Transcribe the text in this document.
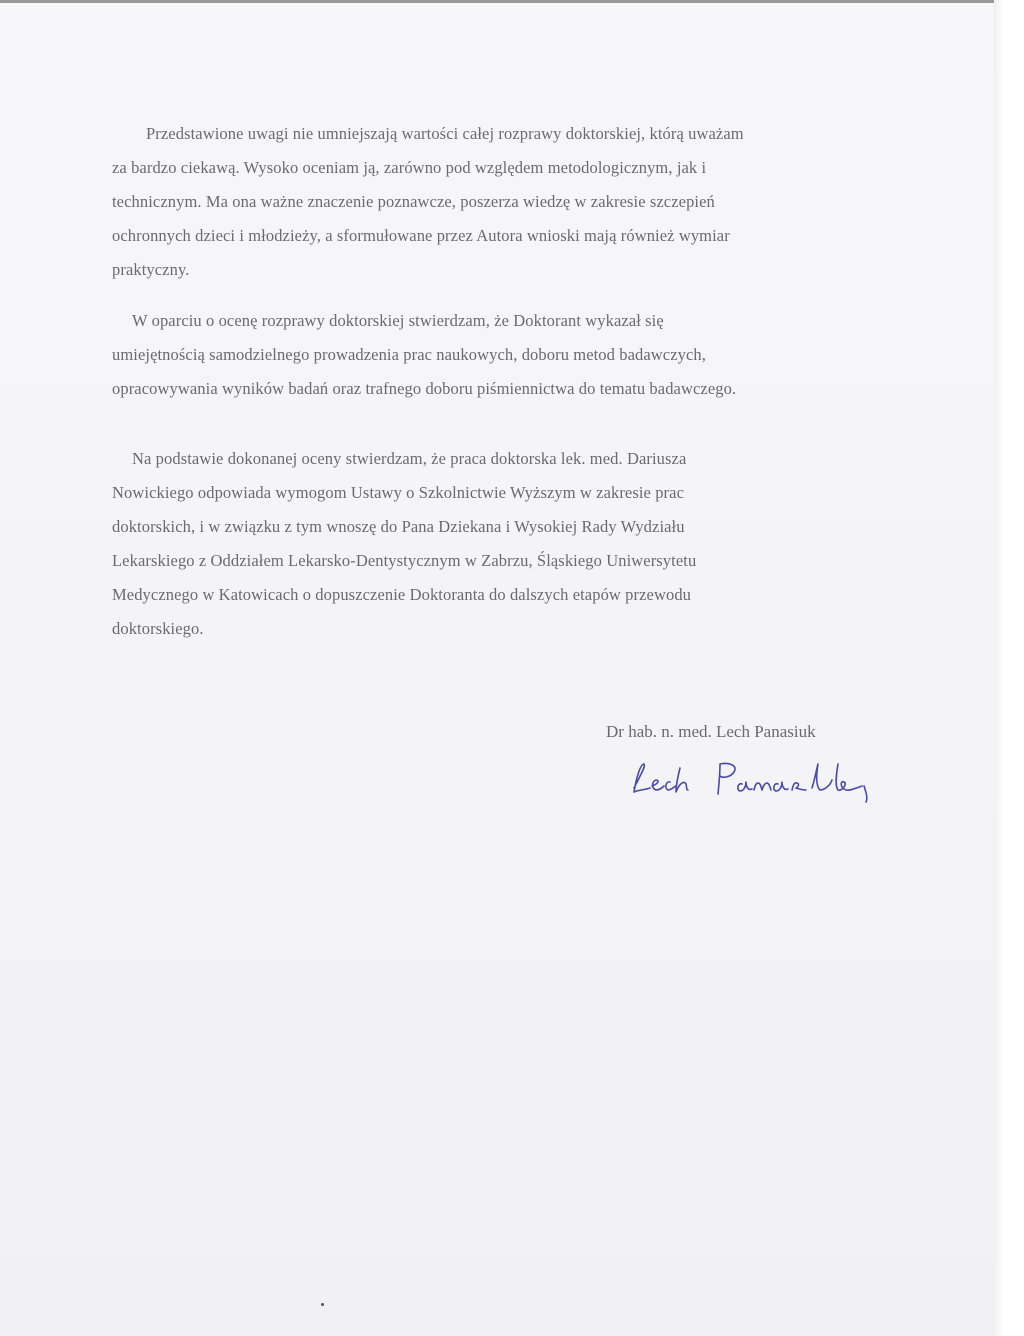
Przedstawione uwagi nie umniejszają wartości całej rozprawy doktorskiej, którą uważam
za bardzo ciekawą. Wysoko oceniam ją, zarówno pod względem metodologicznym, jak i
technicznym. Ma ona ważne znaczenie poznawcze, poszerza wiedzę w zakresie szczepień
ochronnych dzieci i młodzieży, a sformułowane przez Autora wnioski mają również wymiar
praktyczny.
W oparciu o ocenę rozprawy doktorskiej stwierdzam, że Doktorant wykazał się
umiejętnością samodzielnego prowadzenia prac naukowych, doboru metod badawczych,
opracowywania wyników badań oraz trafnego doboru piśmiennictwa do tematu badawczego.
Na podstawie dokonanej oceny stwierdzam, że praca doktorska lek. med. Dariusza
Nowickiego odpowiada wymogom Ustawy o Szkolnictwie Wyższym w zakresie prac
doktorskich, i w związku z tym wnoszę do Pana Dziekana i Wysokiej Rady Wydziału
Lekarskiego z Oddziałem Lekarsko-Dentystycznym w Zabrzu, Śląskiego Uniwersytetu
Medycznego w Katowicach o dopuszczenie Doktoranta do dalszych etapów przewodu
doktorskiego.
Dr hab. n. med. Lech Panasiuk
